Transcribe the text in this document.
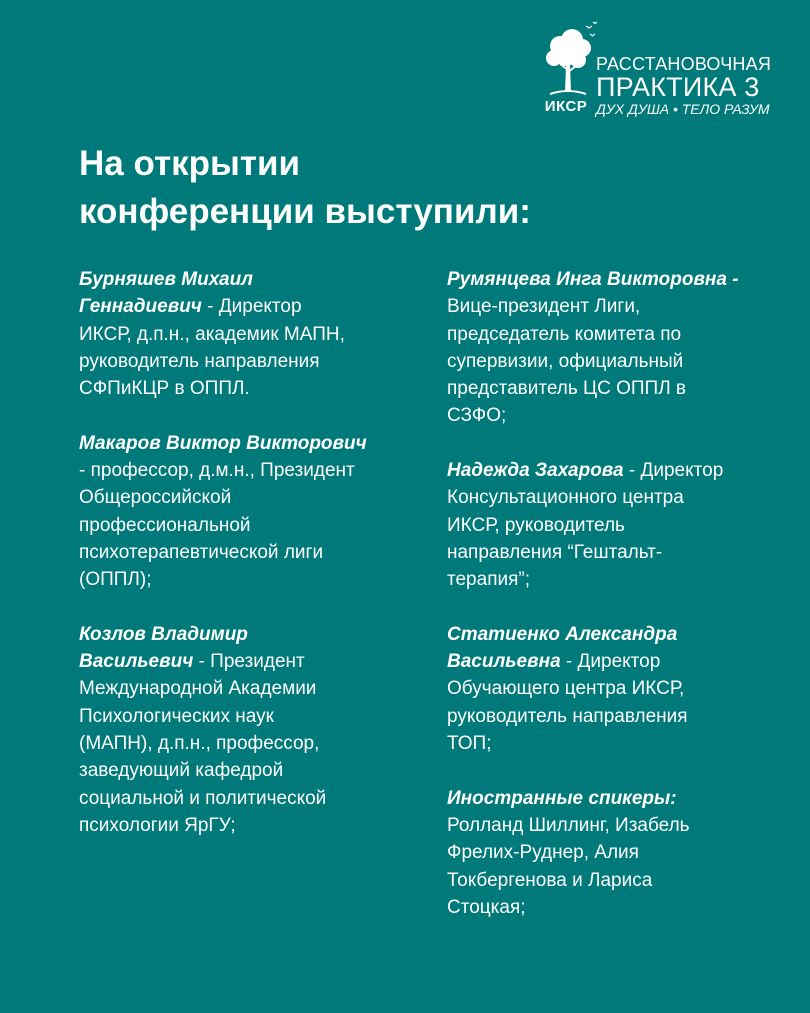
ИКСР
РАССТАНОВОЧНАЯ
ПРАКТИКА 3
ДУХ ДУША • ТЕЛО РАЗУМ
На открытии
конференции выступили:

Бурняшев Михаил
Геннадиевич - Директор
ИКСР, д.п.н., академик МАПН,
руководитель направления
СФПиКЦР в ОППЛ.

Макаров Виктор Викторович
- профессор, д.м.н., Президент
Общероссийской
профессиональной
психотерапевтической лиги
(ОППЛ);

Козлов Владимир
Васильевич - Президент
Международной Академии
Психологических наук
(МАПН), д.п.н., профессор,
заведующий кафедрой
социальной и политической
психологии ЯрГУ;

Румянцева Инга Викторовна -
Вице-президент Лиги,
председатель комитета по
супервизии, официальный
представитель ЦС ОППЛ в
СЗФО;

Надежда Захарова - Директор
Консультационного центра
ИКСР, руководитель
направления “Гештальт-
терапия”;

Статиенко Александра
Васильевна - Директор
Обучающего центра ИКСР,
руководитель направления
ТОП;

Иностранные спикеры:
Ролланд Шиллинг, Изабель
Фрелих-Руднер, Алия
Токбергенова и Лариса
Стоцкая;
